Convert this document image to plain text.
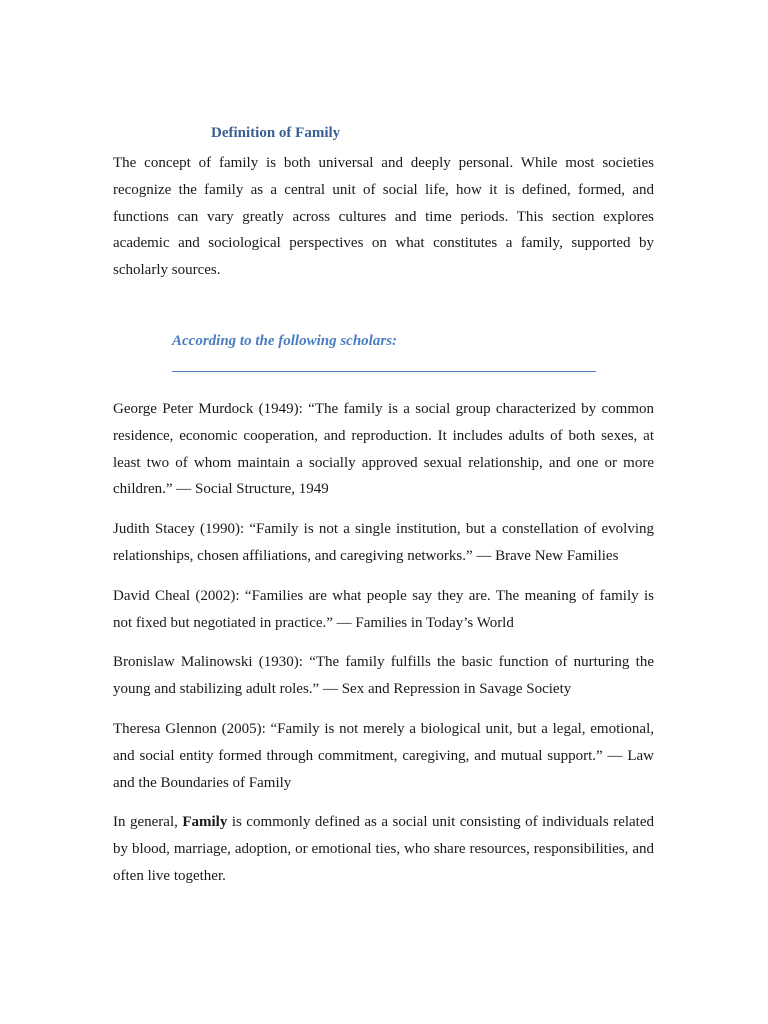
Definition of Family

The concept of family is both universal and deeply personal. While most societies recognize the family as a central unit of social life, how it is defined, formed, and functions can vary greatly across cultures and time periods. This section explores academic and sociological perspectives on what constitutes a family, supported by scholarly sources.

According to the following scholars:

George Peter Murdock (1949): “The family is a social group characterized by common residence, economic cooperation, and reproduction. It includes adults of both sexes, at least two of whom maintain a socially approved sexual relationship, and one or more children.” — Social Structure, 1949

Judith Stacey (1990): “Family is not a single institution, but a constellation of evolving relationships, chosen affiliations, and caregiving networks.” — Brave New Families

David Cheal (2002): “Families are what people say they are. The meaning of family is not fixed but negotiated in practice.” — Families in Today’s World

Bronislaw Malinowski (1930): “The family fulfills the basic function of nurturing the young and stabilizing adult roles.” — Sex and Repression in Savage Society

Theresa Glennon (2005): “Family is not merely a biological unit, but a legal, emotional, and social entity formed through commitment, caregiving, and mutual support.” — Law and the Boundaries of Family

In general, Family is commonly defined as a social unit consisting of individuals related by blood, marriage, adoption, or emotional ties, who share resources, responsibilities, and often live together.
